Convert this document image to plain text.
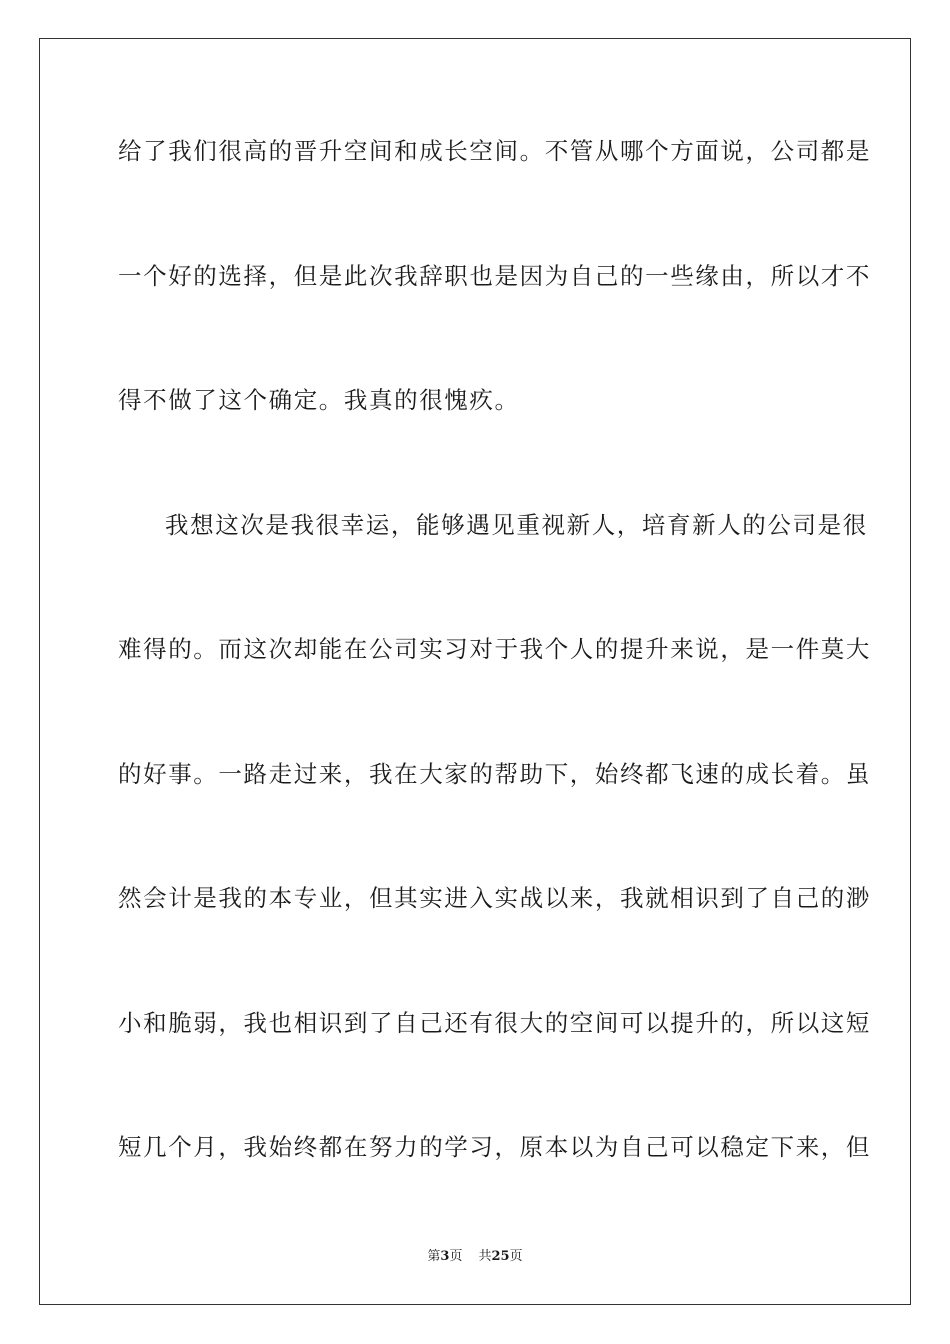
给了我们很高的晋升空间和成长空间。不管从哪个方面说，公司都是
一个好的选择，但是此次我辞职也是因为自己的一些缘由，所以才不
得不做了这个确定。我真的很愧疚。
我想这次是我很幸运，能够遇见重视新人，培育新人的公司是很
难得的。而这次却能在公司实习对于我个人的提升来说，是一件莫大
的好事。一路走过来，我在大家的帮助下，始终都飞速的成长着。虽
然会计是我的本专业，但其实进入实战以来，我就相识到了自己的渺
小和脆弱，我也相识到了自己还有很大的空间可以提升的，所以这短
短几个月，我始终都在努力的学习，原本以为自己可以稳定下来，但
第3页 共25页
